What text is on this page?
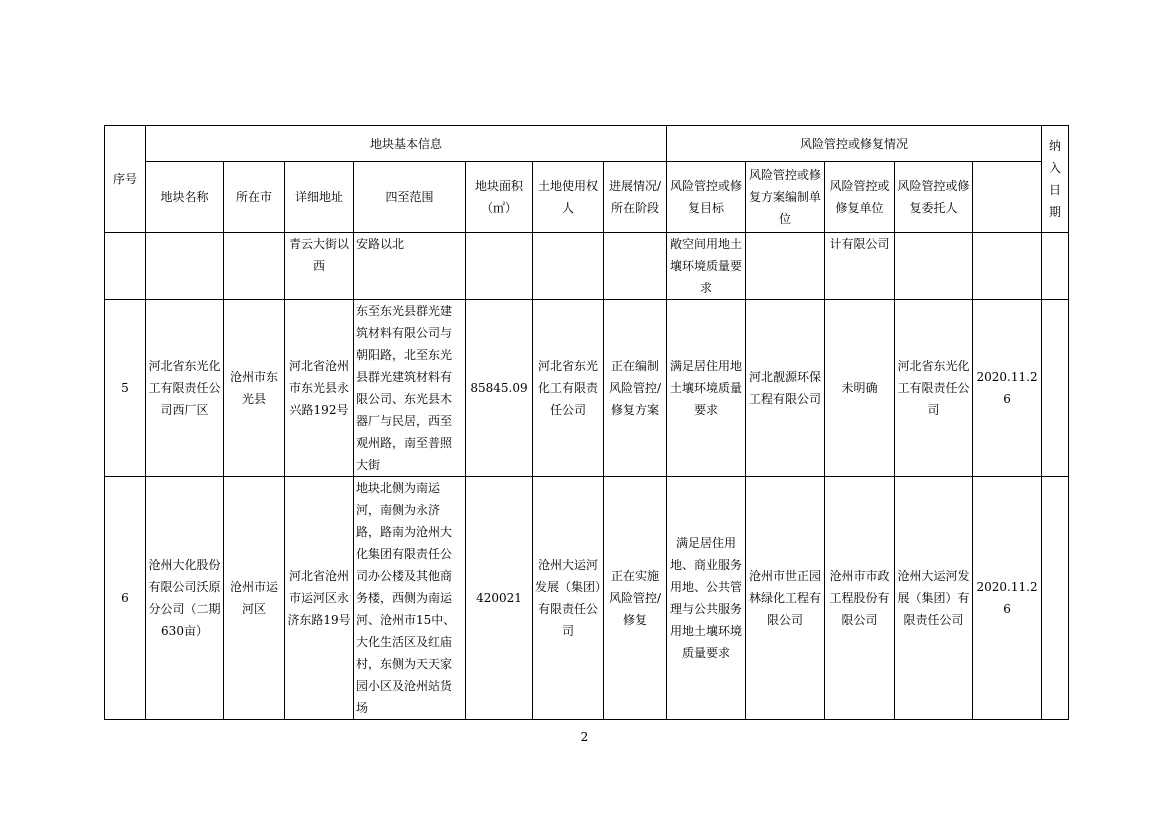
序号	地块基本信息							风险管控或修复情况					纳入日期	
	地块名称	所在市	详细地址	四至范围	地块面积（㎡）	土地使用权人	进展情况/所在阶段	风险管控或修复目标	风险管控或修复方案编制单位	风险管控或修复单位	风险管控或修复委托人			
			青云大街以西	安路以北				敞空间用地土壤环境质量要求		计有限公司				
5	河北省东光化工有限责任公司西厂区	沧州市东光县	河北省沧州市东光县永兴路192号	东至东光县群光建筑材料有限公司与朝阳路，北至东光县群光建筑材料有限公司、东光县木器厂与民居，西至观州路，南至普照大街	85845.09	河北省东光化工有限责任公司	正在编制风险管控/修复方案	满足居住用地土壤环境质量要求	河北靓源环保工程有限公司	未明确	河北省东光化工有限责任公司	2020.11.26		
6	沧州大化股份有限公司沃原分公司（二期630亩）	沧州市运河区	河北省沧州市运河区永济东路19号	地块北侧为南运河，南侧为永济路，路南为沧州大化集团有限责任公司办公楼及其他商务楼，西侧为南运河、沧州市15中、大化生活区及红庙村，东侧为天天家园小区及沧州站货场	420021	沧州大运河发展（集团）有限责任公司	正在实施风险管控/修复	满足居住用地、商业服务用地、公共管理与公共服务用地土壤环境质量要求	沧州市世正园林绿化工程有限公司	沧州市市政工程股份有限公司	沧州大运河发展（集团）有限责任公司	2020.11.26		
2
